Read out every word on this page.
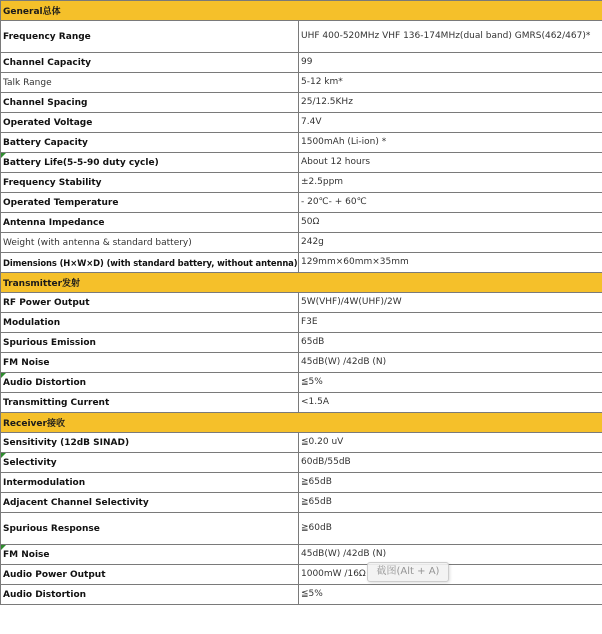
General总体	
Frequency Range	UHF 400-520MHz VHF 136-174MHz(dual band) GMRS(462/467)*
Channel Capacity	99
Talk Range	5-12 km*
Channel Spacing	25/12.5KHz
Operated Voltage	7.4V
Battery Capacity	1500mAh (Li-ion) *
Battery Life(5-5-90 duty cycle)	About 12 hours
Frequency Stability	±2.5ppm
Operated Temperature	- 20℃- + 60℃
Antenna Impedance	50Ω
Weight (with antenna & standard battery)	242g
Dimensions (H×W×D) (with standard battery, without antenna)	129mm×60mm×35mm
Transmitter发射	
RF Power Output	5W(VHF)/4W(UHF)/2W
Modulation	F3E
Spurious Emission	65dB
FM Noise	45dB(W) /42dB (N)
Audio Distortion	≦5%
Transmitting Current	<1.5A
Receiver接收	
Sensitivity (12dB SINAD)	≦0.20 uV
Selectivity	60dB/55dB
Intermodulation	≧65dB
Adjacent Channel Selectivity	≧65dB
Spurious Response	≧60dB
FM Noise	45dB(W) /42dB (N)
Audio Power Output	1000mW /16Ω
Audio Distortion	≦5%
截图(Alt + A)
